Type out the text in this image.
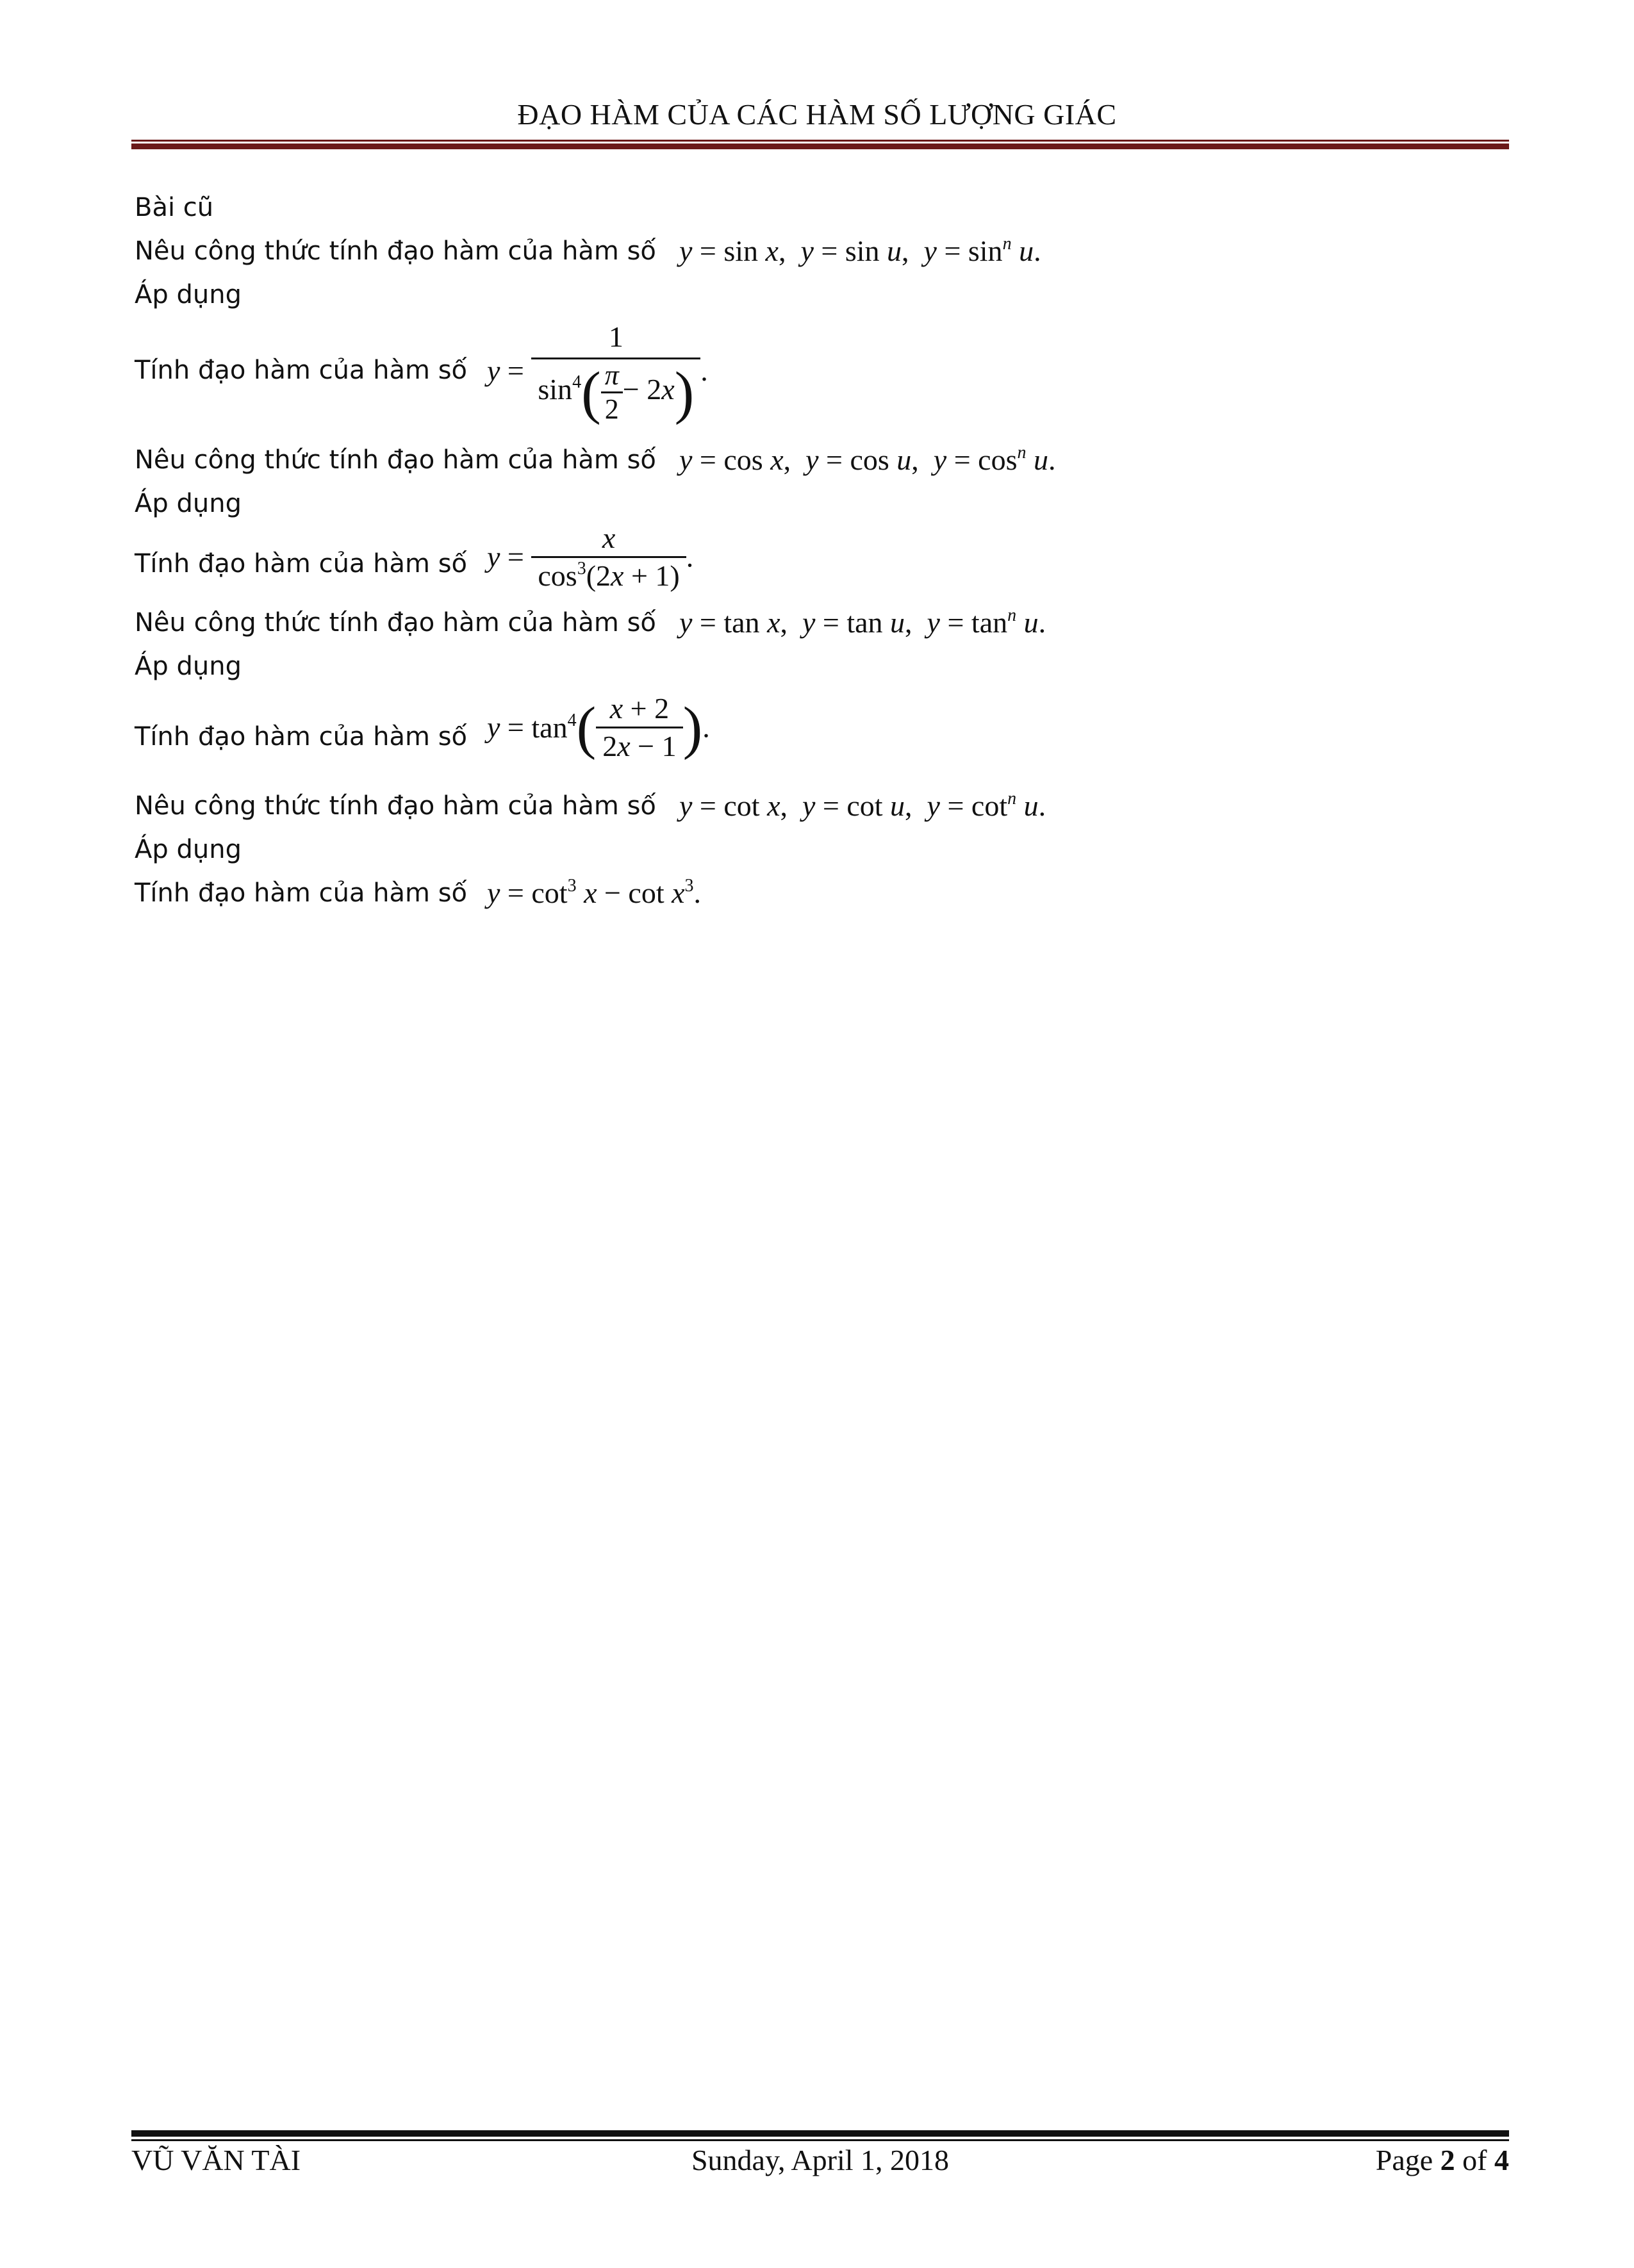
ĐẠO HÀM CỦA CÁC HÀM SỐ LƯỢNG GIÁC
Bài cũ
Nêu công thức tính đạo hàm của hàm số y = sin x,  y = sin u,  $y = \sin^n u$.
Áp dụng
Tính đạo hàm của hàm số $y = \frac{1}{\sin^4( \frac{\pi}{2} - 2x)}$ .
Nêu công thức tính đạo hàm của hàm số y = cos x,  y = cos u,  $y = \cos^n u$.
Áp dụng
Tính đạo hàm của hàm số $y = \frac{x}{\cos^3(2x + 1)}$ .
Nêu công thức tính đạo hàm của hàm số y = tan x,  y = tan u,  $y = \tan^n u$.
Áp dụng
Tính đạo hàm của hàm số $y = \tan^4( \frac{x + 2}{2x - 1}$ ).
Nêu công thức tính đạo hàm của hàm số y = cot x,  y = cot u,  $y = \cot^n u$.
Áp dụng
Tính đạo hàm của hàm số $y = \cot^3 x - \cot x^3$.
VŨ VĂN TÀI	Sunday, April 1, 2018	Page 2 of 4
